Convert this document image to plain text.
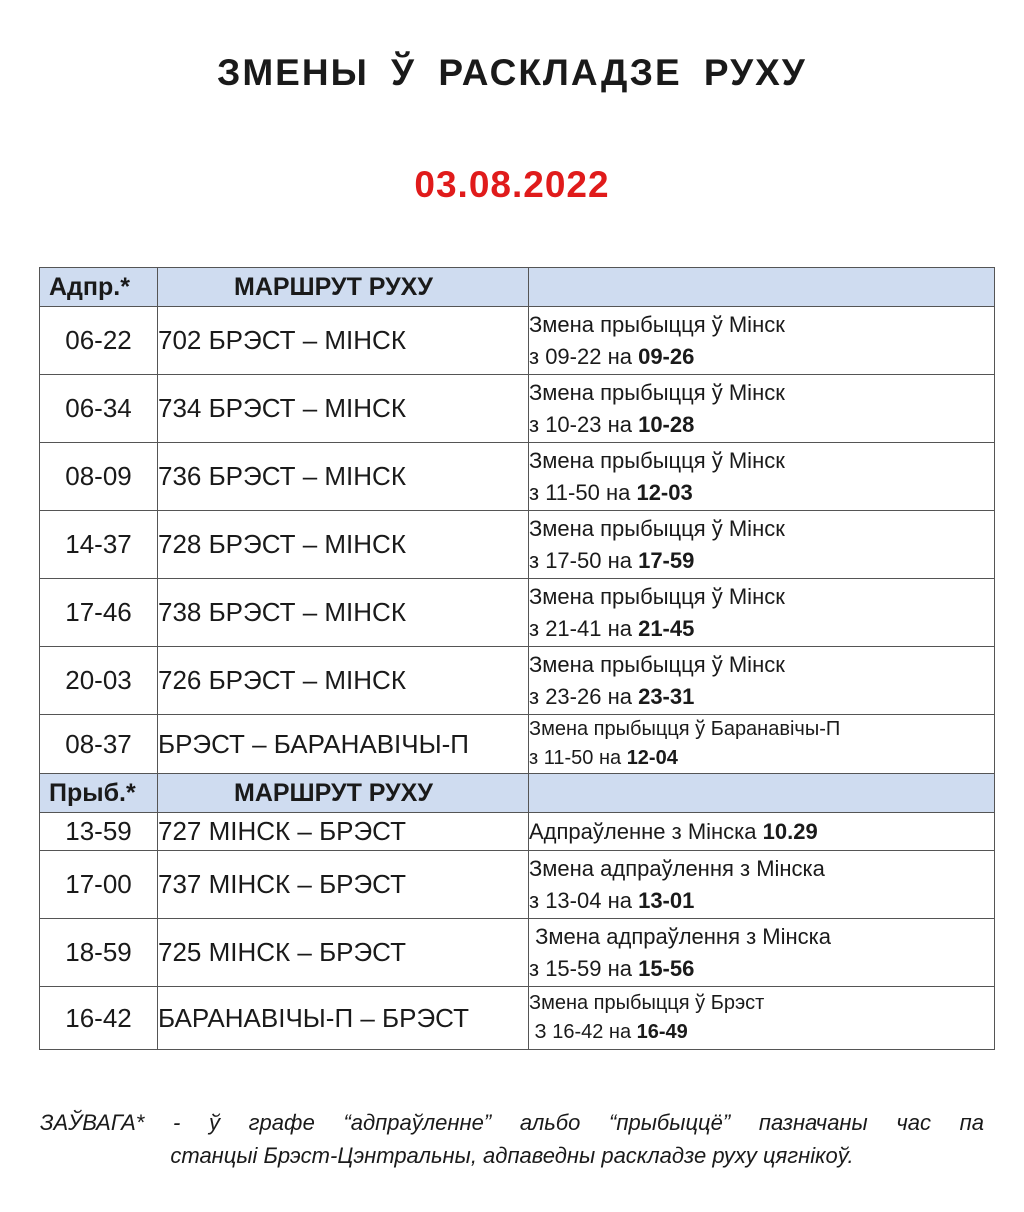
ЗМЕНЫ Ў РАСКЛАДЗЕ РУХУ
03.08.2022
Адпр.*	МАРШРУТ РУХУ	
06-22	702 БРЭСТ – МІНСК	Змена прыбыцця ў Мінск
з 09-22 на 09-26

06-34	734 БРЭСТ – МІНСК	Змена прыбыцця ў Мінск
з 10-23 на 10-28

08-09	736 БРЭСТ – МІНСК	Змена прыбыцця ў Мінск
з 11-50 на 12-03

14-37	728 БРЭСТ – МІНСК	Змена прыбыцця ў Мінск
з 17-50 на 17-59

17-46	738 БРЭСТ – МІНСК	Змена прыбыцця ў Мінск
з 21-41 на 21-45

20-03	726 БРЭСТ – МІНСК	Змена прыбыцця ў Мінск
з 23-26 на 23-31

08-37	БРЭСТ – БАРАНАВІЧЫ-П	Змена прыбыцця ў Баранавічы-П
з 11-50 на 12-04

Прыб.*	МАРШРУТ РУХУ	
13-59	727 МІНСК – БРЭСТ	Адпраўленне з Мінска 10.29

17-00	737 МІНСК – БРЭСТ	Змена адпраўлення з Мінска
з 13-04 на 13-01

18-59	725 МІНСК – БРЭСТ	Змена адпраўлення з Мінска
з 15-59 на 15-56

16-42	БАРАНАВІЧЫ-П – БРЭСТ	Змена прыбыцця ў Брэст
З 16-42 на 16-49
ЗАЎВАГА* - ў графе “адпраўленне” альбо “прыбыццё” пазначаны час па
станцыі Брэст-Цэнтральны, адпаведны раскладзе руху цягнікоў.
